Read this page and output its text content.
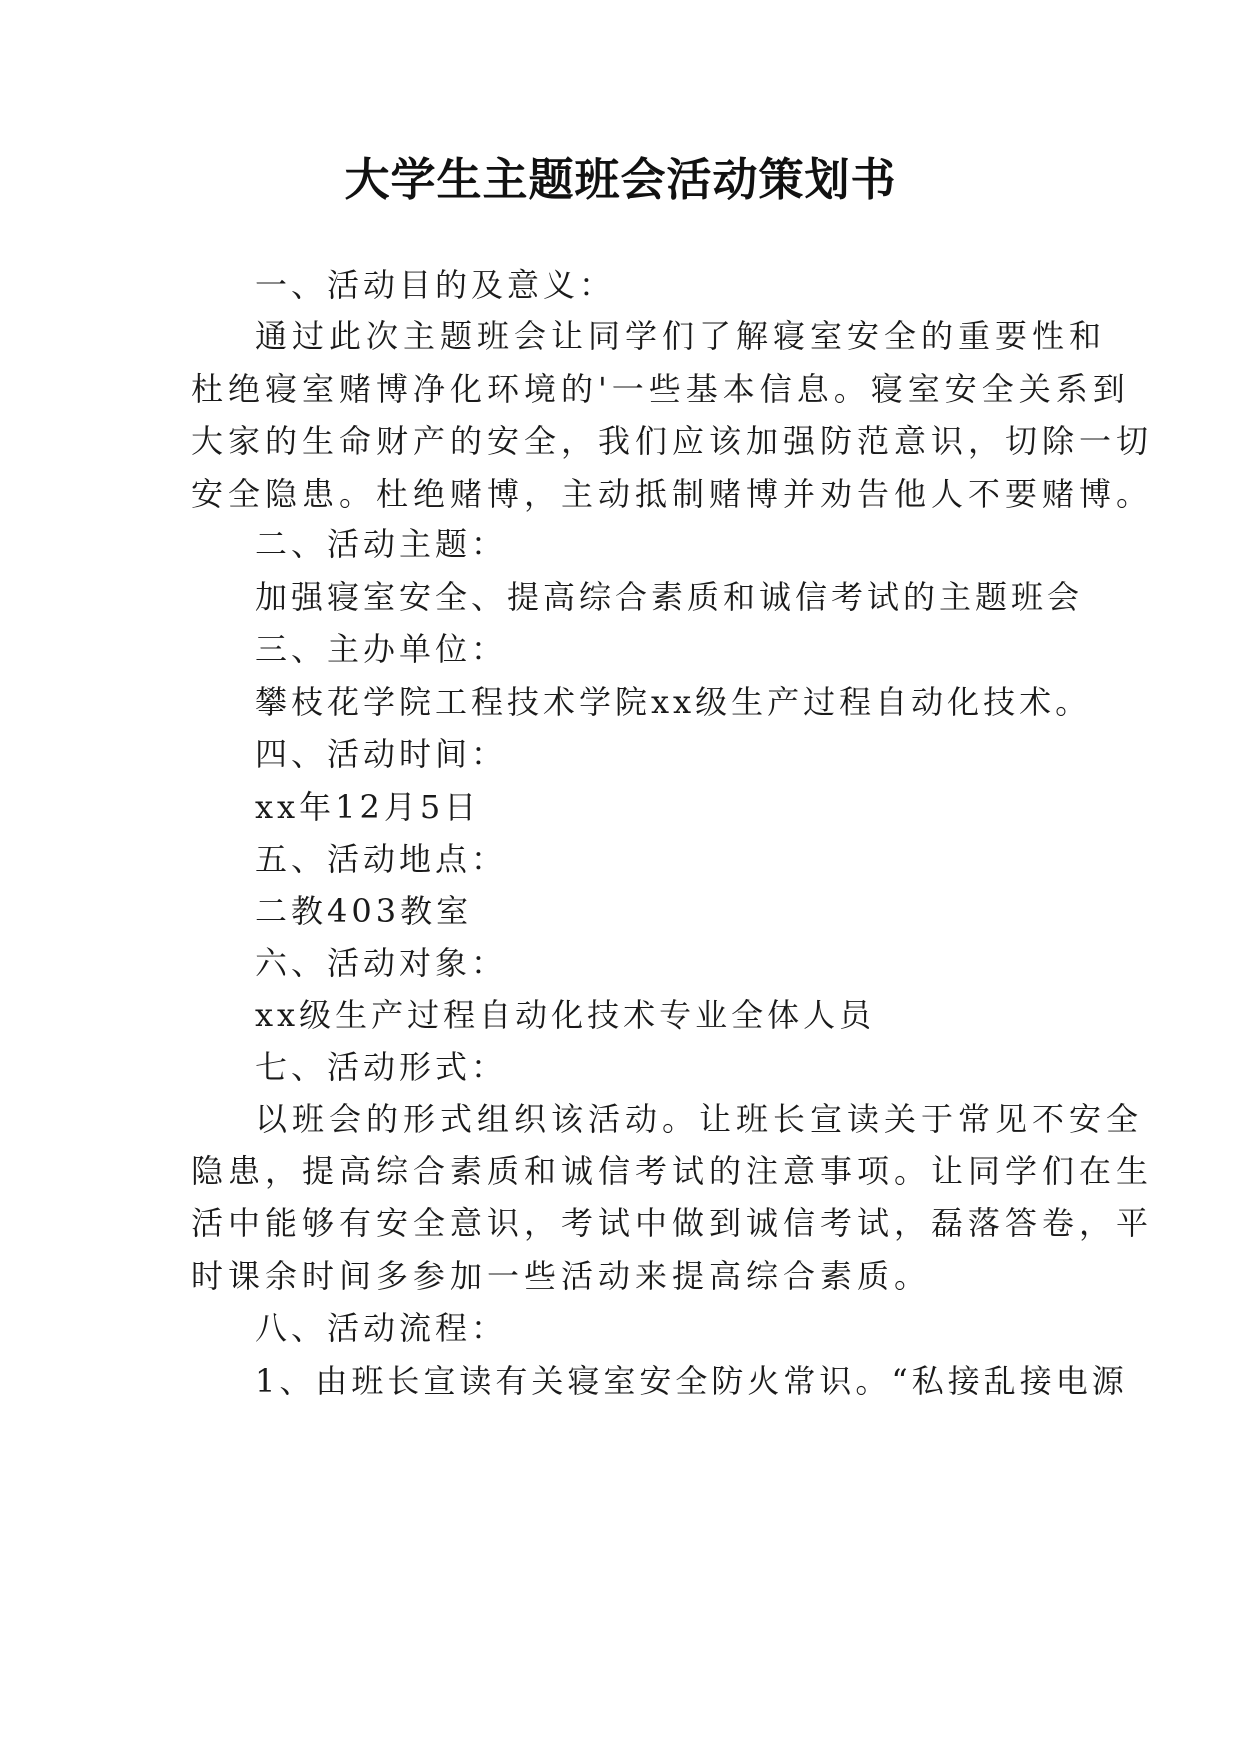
大学生主题班会活动策划书

一、活动目的及意义：

通过此次主题班会让同学们了解寝室安全的重要性和

杜绝寝室赌博净化环境的'一些基本信息。寝室安全关系到

大家的生命财产的安全，我们应该加强防范意识，切除一切

安全隐患。杜绝赌博，主动抵制赌博并劝告他人不要赌博。

二、活动主题：

加强寝室安全、提高综合素质和诚信考试的主题班会

三、主办单位：

攀枝花学院工程技术学院xx级生产过程自动化技术。

四、活动时间：

xx年12月5日

五、活动地点：

二教403教室

六、活动对象：

xx级生产过程自动化技术专业全体人员

七、活动形式：

以班会的形式组织该活动。让班长宣读关于常见不安全

隐患，提高综合素质和诚信考试的注意事项。让同学们在生

活中能够有安全意识，考试中做到诚信考试，磊落答卷，平

时课余时间多参加一些活动来提高综合素质。

八、活动流程：

1、由班长宣读有关寝室安全防火常识。“私接乱接电源
